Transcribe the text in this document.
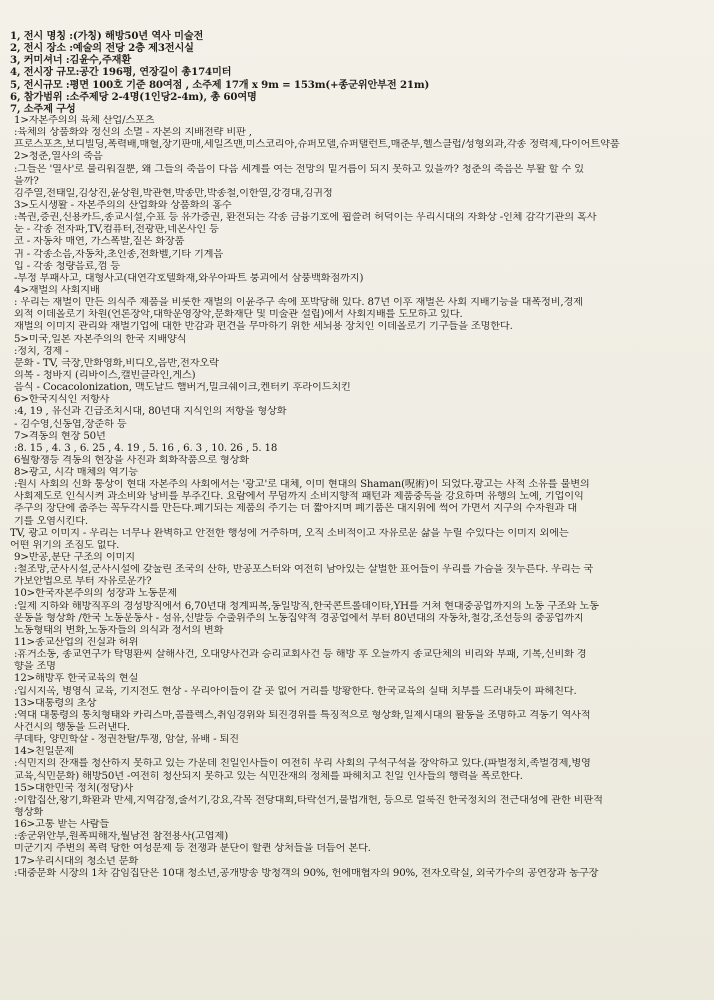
1, 전시 명칭 :(가칭) 해방50년 역사 미술전
2, 전시 장소 :예술의 전당 2층 제3전시실
3, 커미셔너 :김윤수,주재환
4, 전시장 규모:공간 196평, 연장길이 총174미터
5, 전시규모 :평면 100호 기준 80여점 , 소주제 17개 x 9m = 153m(+종군위안부전 21m)
6, 참가범위 :소주제당 2-4명(1인당2-4m), 총 60여명
7, 소주제 구성
1>자본주의의 육체 산업/스포츠
:육체의 상품화와 정신의 소멸 - 자본의 지배전략 비판 ,
프로스포츠,보디빌딩,폭력배,매혈,장기판매,세일즈맨,미스코리아,슈퍼모델,슈퍼탤런트,매춘부,헬스클럽/성형외과,각종 정력제,다이어트약품
2>청춘,열사의 죽음
:그들은 '열사'로 불리워질뿐, 왜 그들의 죽음이 다음 세계를 여는 전망의 밑거름이 되지 못하고 있을까? 청춘의 죽음은 부활 할 수 있
을까?
김주열,전태일,김상진,윤상원,박관현,박종만,박종철,이한열,강경대,김귀정
3>도시생활 - 자본주의의 산업화와 상품화의 홍수
:복권,증권,신용카드,종교시설,수표 등 유가증권, 환전되는 각종 금융기호에 휩쓸려 허덕이는 우리시대의 자화상 -인체 감각기관의 혹사
눈 - 각종 전자파,TV,컴퓨터,전광판,네온사인 등
코 - 자동차 매연, 가스폭발,짙은 화장품
귀 - 각종소음,자동차,초인종,전화벨,기타 기계음
입 - 각종 청량음료,껌 등
-부정 부패사고, 대형사고(대연각호텔화재,와우아파트 붕괴에서 삼풍백화점까지)
4>재벌의 사회지배
: 우리는 재벌이 만든 의식주 제품을 비롯한 재벌의 이윤추구 속에 포박당해 있다. 87년 이후 재벌은 사회 지배기능을 대폭정비,경제
외적 이데올로기 차원(언론장악,대학운영장악,문화재단 및 미술관 설립)에서 사회지배를 도모하고 있다.
재벌의 이미지 관리와 재벌기업에 대한 반감과 편견을 무마하기 위한 세뇌용 장치인 이데올로기 기구들을 조명한다.
5>미국,일본 자본주의의 한국 지배양식
:정치, 경제 -
문화 - TV, 극장,만화영화,비디오,음반,전자오락
의복 - 청바지 (리바이스,캘빈클라인,게스)
음식 - Cocacolonization, 맥도날드 햄버거,밀크쉐이크,켄터키 후라이드치킨
6>한국지식인 저항사
:4, 19 , 유신과 긴급조치시대, 80년대 지식인의 저항을 형상화
- 김수영,신동엽,장준하 등
7>격동의 현장 50년
:8. 15 , 4. 3 , 6. 25 , 4. 19 , 5. 16 , 6. 3 , 10. 26 , 5. 18
6월항쟁등 격동의 현장을 사진과 회화작품으로 형상화
8>광고, 시각 매체의 역기능
:원시 사회의 신화 통상이 현대 자본주의 사회에서는 '광고'로 대체, 이미 현대의 Shaman(呪術)이 되었다.광고는 사적 소유를 불변의
사회제도로 인식시켜 과소비와 낭비를 부추긴다. 요람에서 무덤까지 소비지향적 패턴과 제품중독을 강요하며 유행의 노예, 기업이익
추구의 장단에 춤추는 꼭두각시를 만든다.폐기되는 제품의 주기는 더 짧아지며 폐기품은 대지위에 썩어 가면서 지구의 수자원과 대
기를 오염시킨다.
TV, 광고 이미지 - 우리는 너무나 완벽하고 안전한 행성에 거주하며, 오직 소비적이고 자유로운 삶을 누릴 수있다는 이미지 외에는
어떤 위기의 조짐도 없다.
9>반공,분단 구조의 이미지
:철조망,군사시설,군사시설에 갖눌린 조국의 산하, 반공포스터와 여전히 남아있는 살벌한 표어들이 우리를 가슴을 짓누른다. 우리는 국
가보안법으로 부터 자유로운가?
10>한국자본주의의 성장과 노동문제
:일제 지하와 해방직후의 경성방직에서 6,70년대 청계피복,동일방직,한국콘트롤데이타,YH를 거쳐 현대중공업까지의 노동 구조와 노동
운동을 형상화 /한국 노동운동사 - 섬유,신발등 수출위주의 노동집약적 경공업에서 부터 80년대의 자동차,철강,조선등의 중공업까지
노동형태의 변화,노동자들의 의식과 정서의 변화
11>종교산업의 진실과 허위
:휴거소동, 종교연구가 탁명환씨 살해사건, 오대양사건과 승리교회사건 등 해방 후 오늘까지 종교단체의 비리와 부패, 기복,신비화 경
향을 조명
12>해방후 한국교육의 현실
:입시지옥, 병영식 교육, 기지전도 현상 - 우리아이들이 갈 곳 없어 거리를 방황한다. 한국교육의 실태 치부를 드러내듯이 파헤친다.
13>대통령의 초상
:역대 대통령의 통치형태와 카리스마,콤플렉스,취임경위와 퇴진경위를 특징적으로 형상화,일제시대의 활동을 조명하고 격동기 역사적
사건시의 행동을 드러낸다.
쿠데타, 양민학살 - 정권찬탈/투쟁, 암살, 유배 - 퇴진
14>친일문제
:식민지의 잔재를 청산하지 못하고 있는 가운데 친일인사들이 여전히 우리 사회의 구석구석을 장악하고 있다.(파벌정치,족벌경제,병영
교육,식민문화) 해방50년 -여전히 청산되지 못하고 있는 식민잔재의 정체를 파헤치고 친일 인사들의 행력을 폭로한다.
15>대한민국 정치(정당)사
:이합집산,왕기,화환과 반세,지역감정,줄서기,강요,각목 전당대회,타락선거,불법개헌, 등으로 얼룩진 한국정치의 전근대성에 관한 비판적
형상화
16>고통 받는 사람들
:종군위안부,원폭피해자,월남전 참전용사(고엽제)
미군기지 주변의 폭력 당한 여성문제 등 전쟁과 분단이 할퀸 상처들을 더듬어 본다.
17>우리시대의 청소년 문화
:대중문화 시장의 1차 감임집단은 10대 청소년,공개방송 방청객의 90%, 헌에매협자의 90%, 전자오락실, 외국가수의 공연장과 농구장
